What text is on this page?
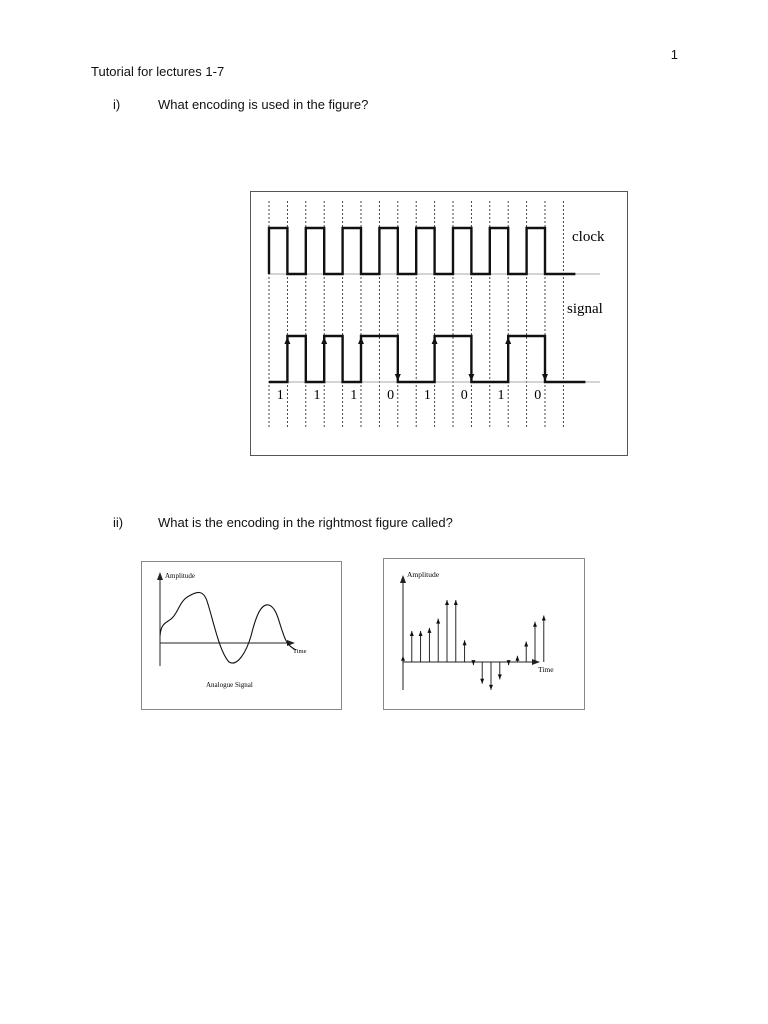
1
Tutorial for lectures 1-7
i)	What encoding is used in the figure?
1 1 1 0 1 0 1 0
clock
signal
ii)	What is the encoding in the rightmost figure called?
Amplitude
Time
Analogue Signal
Amplitude
Time
